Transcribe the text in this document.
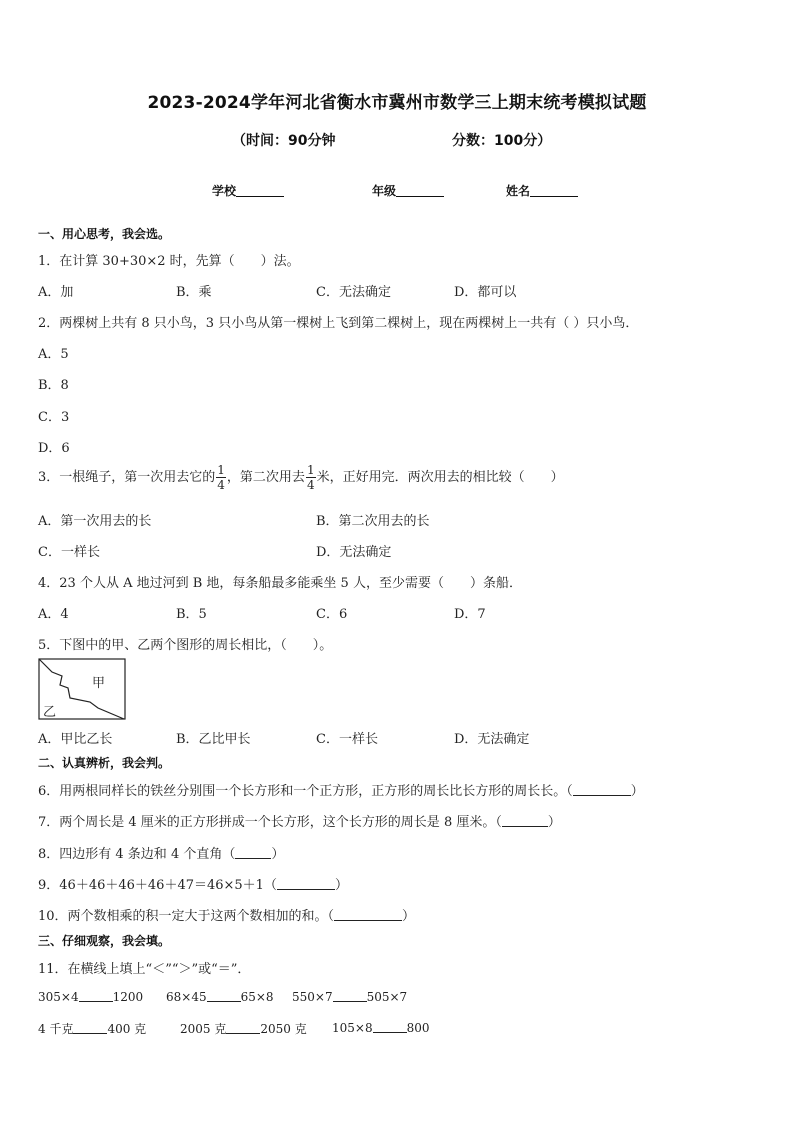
2023-2024学年河北省衡水市冀州市数学三上期末统考模拟试题
（时间：90分钟	分数：100分）
学校	年级	姓名
一、用心思考，我会选。
1．在计算 30+30×2 时，先算（　　）法。
A．加	B．乘	C．无法确定	D．都可以
2．两棵树上共有 8 只小鸟，3 只小鸟从第一棵树上飞到第二棵树上，现在两棵树上一共有（ ）只小鸟．
A．5
B．8
C．3
D．6
3．一根绳子，第一次用去它的 $\frac{1}{4}$ ，第二次用去 $\frac{1}{4}$ 米，正好用完．两次用去的相比较（　　）
A．第一次用去的长	B．第二次用去的长
C．一样长	D．无法确定
4．23 个人从 A 地过河到 B 地，每条船最多能乘坐 5 人，至少需要（　　）条船．
A．4	B．5	C．6	D．7
5．下图中的甲、乙两个图形的周长相比，（　　）。
甲
乙
A．甲比乙长	B．乙比甲长	C．一样长	D．无法确定
二、认真辨析，我会判。
6．用两根同样长的铁丝分别围一个长方形和一个正方形，正方形的周长比长方形的周长长。（	）
7．两个周长是 4 厘米的正方形拼成一个长方形，这个长方形的周长是 8 厘米。（	）
8．四边形有 4 条边和 4 个直角（	）
9．46＋46＋46＋46＋47＝46×5＋1（	）
10．两个数相乘的积一定大于这两个数相加的和。（	）
三、仔细观察，我会填。
11．在横线上填上“＜”“＞”或“＝”．
305×4	1200 68×45	65×8 550×7	505×7
4 千克	400 克	2005 克	2050 克 105×8	800
